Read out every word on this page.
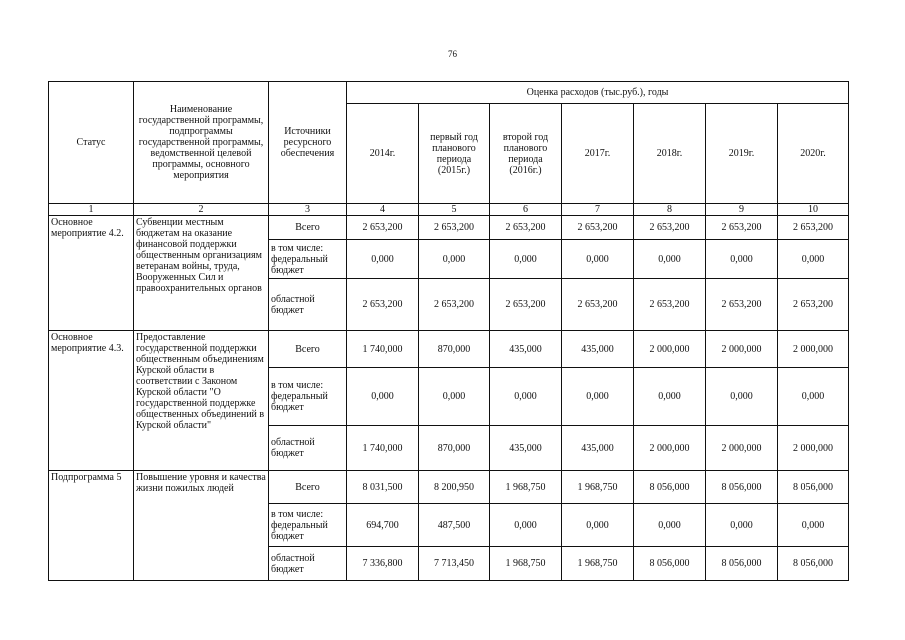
76
Статус	Наименование государственной программы, подпрограммы государственной программы, ведомственной целевой программы, основного мероприятия	Источники ресурсного обеспечения	Оценка расходов (тыс.руб.), годы						
			2014г.	первый год планового периода (2015г.)	второй год планового периода (2016г.)	2017г.	2018г.	2019г.	2020г.
1	2	3	4	5	6	7	8	9	10
Основное мероприятие 4.2.	Субвенции местным бюджетам на оказание финансовой поддержки общественным организациям ветеранам войны, труда, Вооруженных Сил и правоохранительных органов	Всего	2 653,200	2 653,200	2 653,200	2 653,200	2 653,200	2 653,200	2 653,200
		в том числе: федеральный бюджет	0,000	0,000	0,000	0,000	0,000	0,000	0,000
		областной бюджет	2 653,200	2 653,200	2 653,200	2 653,200	2 653,200	2 653,200	2 653,200
Основное мероприятие 4.3.	Предоставление государственной поддержки общественным объединениям Курской области в соответствии с Законом Курской области "О государственной поддержке общественных объединений в Курской области"	Всего	1 740,000	870,000	435,000	435,000	2 000,000	2 000,000	2 000,000
		в том числе: федеральный бюджет	0,000	0,000	0,000	0,000	0,000	0,000	0,000
		областной бюджет	1 740,000	870,000	435,000	435,000	2 000,000	2 000,000	2 000,000
Подпрограмма 5	Повышение уровня и качества жизни пожилых людей	Всего	8 031,500	8 200,950	1 968,750	1 968,750	8 056,000	8 056,000	8 056,000
		в том числе: федеральный бюджет	694,700	487,500	0,000	0,000	0,000	0,000	0,000
		областной бюджет	7 336,800	7 713,450	1 968,750	1 968,750	8 056,000	8 056,000	8 056,000
